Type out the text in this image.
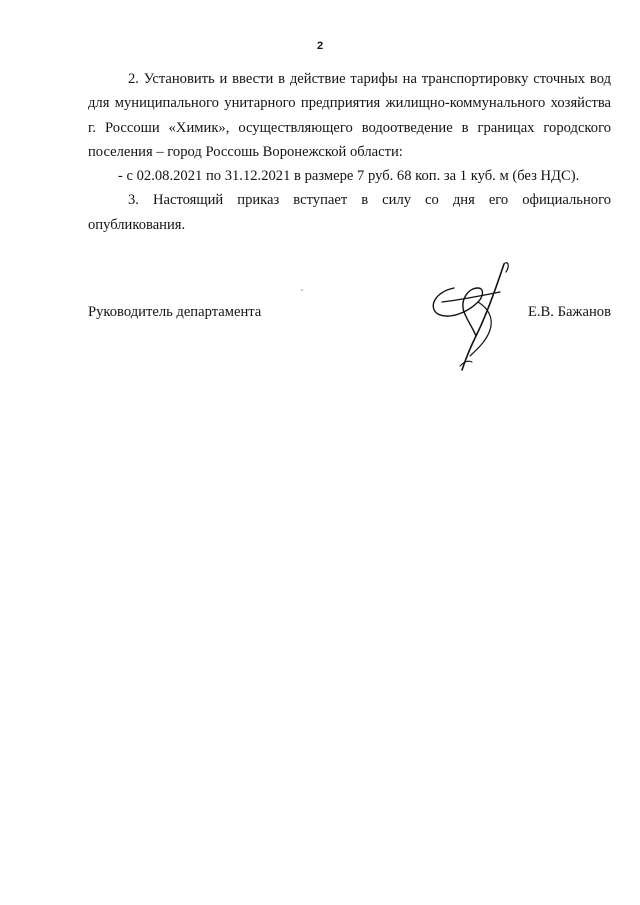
2

2. Установить и ввести в действие тарифы на транспортировку сточных вод для муниципального унитарного предприятия жилищно-коммунального хозяйства г. Россоши «Химик», осуществляющего водоотведение в границах городского поселения – город Россошь Воронежской области:

- с 02.08.2021 по 31.12.2021 в размере 7 руб. 68 коп. за 1 куб. м (без НДС).

3. Настоящий приказ вступает в силу со дня его официального опубликования.

Руководитель департамента	Е.В. Бажанов
